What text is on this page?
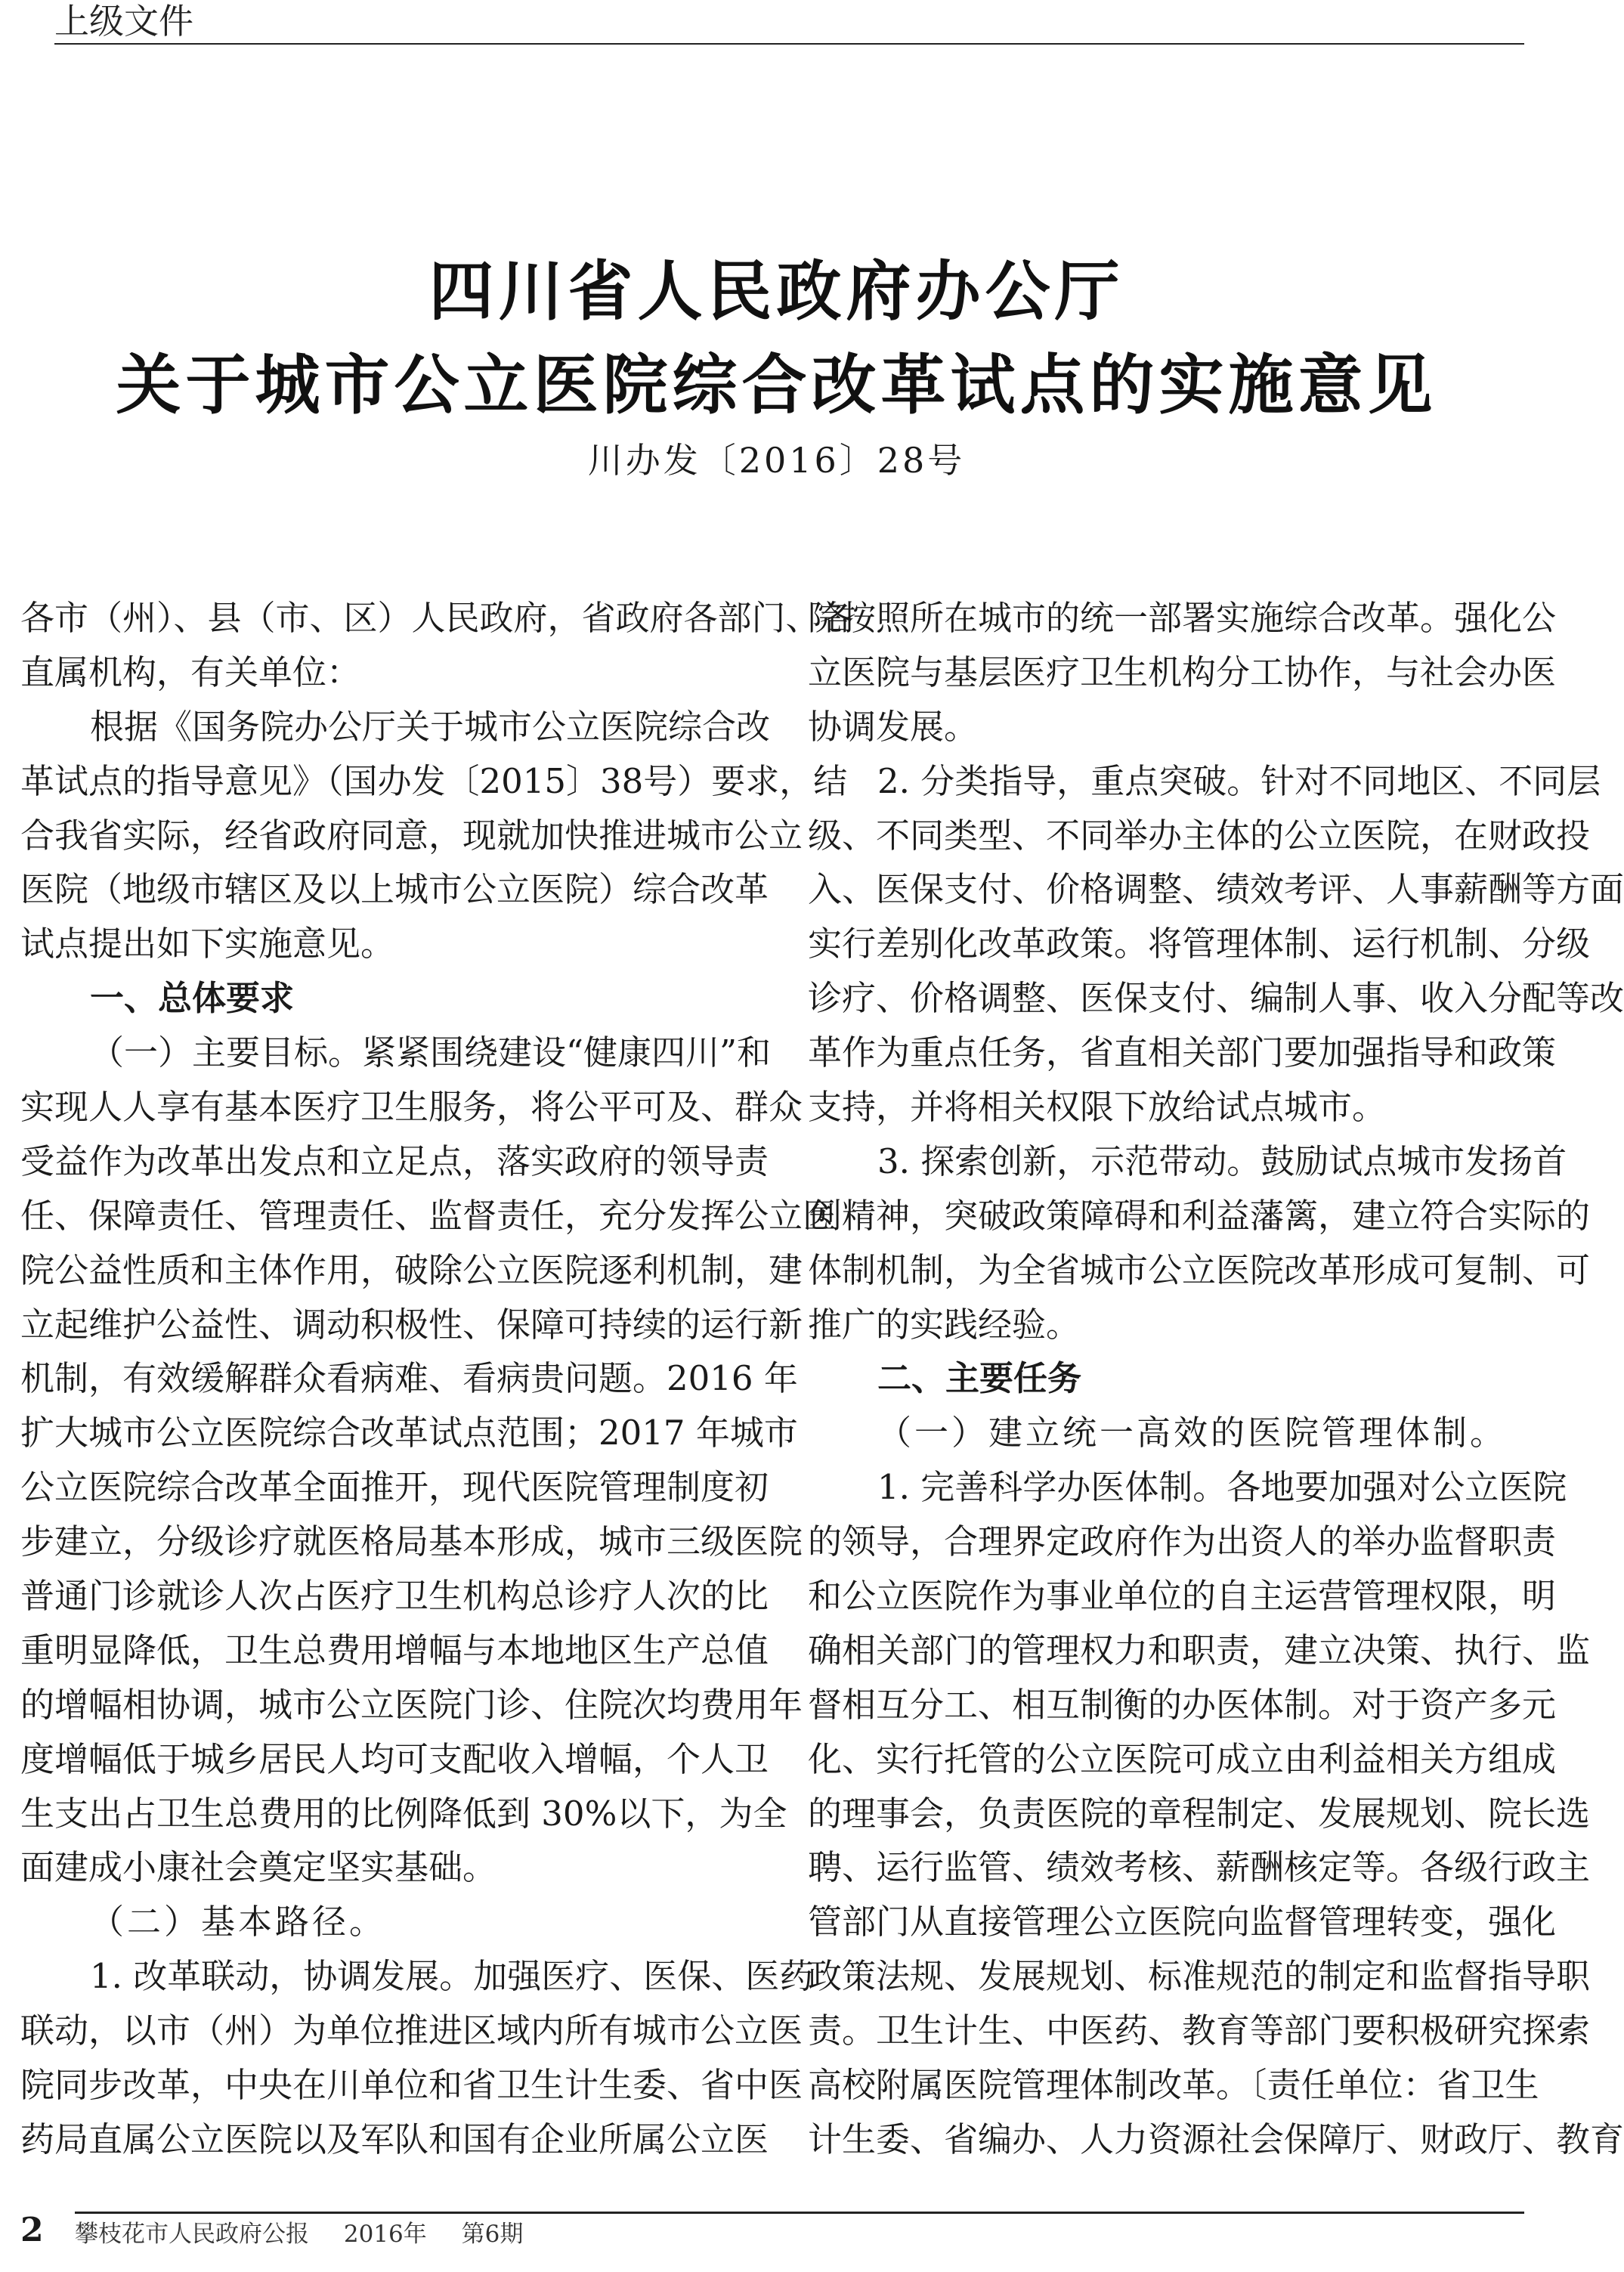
上级文件
四川省人民政府办公厅
关于城市公立医院综合改革试点的实施意见
川办发〔2016〕28号
各市（州）、县（市、区）人民政府，省政府各部门、各
直属机构，有关单位：
根据《国务院办公厅关于城市公立医院综合改
革试点的指导意见》（国办发〔2015〕38号）要求，结
合我省实际，经省政府同意，现就加快推进城市公立
医院（地级市辖区及以上城市公立医院）综合改革
试点提出如下实施意见。
一、总体要求
（一）主要目标。紧紧围绕建设“健康四川”和
实现人人享有基本医疗卫生服务，将公平可及、群众
受益作为改革出发点和立足点，落实政府的领导责
任、保障责任、管理责任、监督责任，充分发挥公立医
院公益性质和主体作用，破除公立医院逐利机制，建
立起维护公益性、调动积极性、保障可持续的运行新
机制，有效缓解群众看病难、看病贵问题。2016 年
扩大城市公立医院综合改革试点范围；2017 年城市
公立医院综合改革全面推开，现代医院管理制度初
步建立，分级诊疗就医格局基本形成，城市三级医院
普通门诊就诊人次占医疗卫生机构总诊疗人次的比
重明显降低，卫生总费用增幅与本地地区生产总值
的增幅相协调，城市公立医院门诊、住院次均费用年
度增幅低于城乡居民人均可支配收入增幅，个人卫
生支出占卫生总费用的比例降低到 30%以下，为全
面建成小康社会奠定坚实基础。
（二）基本路径。
1. 改革联动，协调发展。加强医疗、医保、医药
联动，以市（州）为单位推进区域内所有城市公立医
院同步改革，中央在川单位和省卫生计生委、省中医
药局直属公立医院以及军队和国有企业所属公立医
院按照所在城市的统一部署实施综合改革。强化公
立医院与基层医疗卫生机构分工协作，与社会办医
协调发展。
2. 分类指导，重点突破。针对不同地区、不同层
级、不同类型、不同举办主体的公立医院，在财政投
入、医保支付、价格调整、绩效考评、人事薪酬等方面
实行差别化改革政策。将管理体制、运行机制、分级
诊疗、价格调整、医保支付、编制人事、收入分配等改
革作为重点任务，省直相关部门要加强指导和政策
支持，并将相关权限下放给试点城市。
3. 探索创新，示范带动。鼓励试点城市发扬首
创精神，突破政策障碍和利益藩篱，建立符合实际的
体制机制，为全省城市公立医院改革形成可复制、可
推广的实践经验。
二、主要任务
（一）建立统一高效的医院管理体制。
1. 完善科学办医体制。各地要加强对公立医院
的领导，合理界定政府作为出资人的举办监督职责
和公立医院作为事业单位的自主运营管理权限，明
确相关部门的管理权力和职责，建立决策、执行、监
督相互分工、相互制衡的办医体制。对于资产多元
化、实行托管的公立医院可成立由利益相关方组成
的理事会，负责医院的章程制定、发展规划、院长选
聘、运行监管、绩效考核、薪酬核定等。各级行政主
管部门从直接管理公立医院向监督管理转变，强化
政策法规、发展规划、标准规范的制定和监督指导职
责。卫生计生、中医药、教育等部门要积极研究探索
高校附属医院管理体制改革。〔责任单位：省卫生
计生委、省编办、人力资源社会保障厅、财政厅、教育
2 攀枝花市人民政府公报 2016年 第6期
